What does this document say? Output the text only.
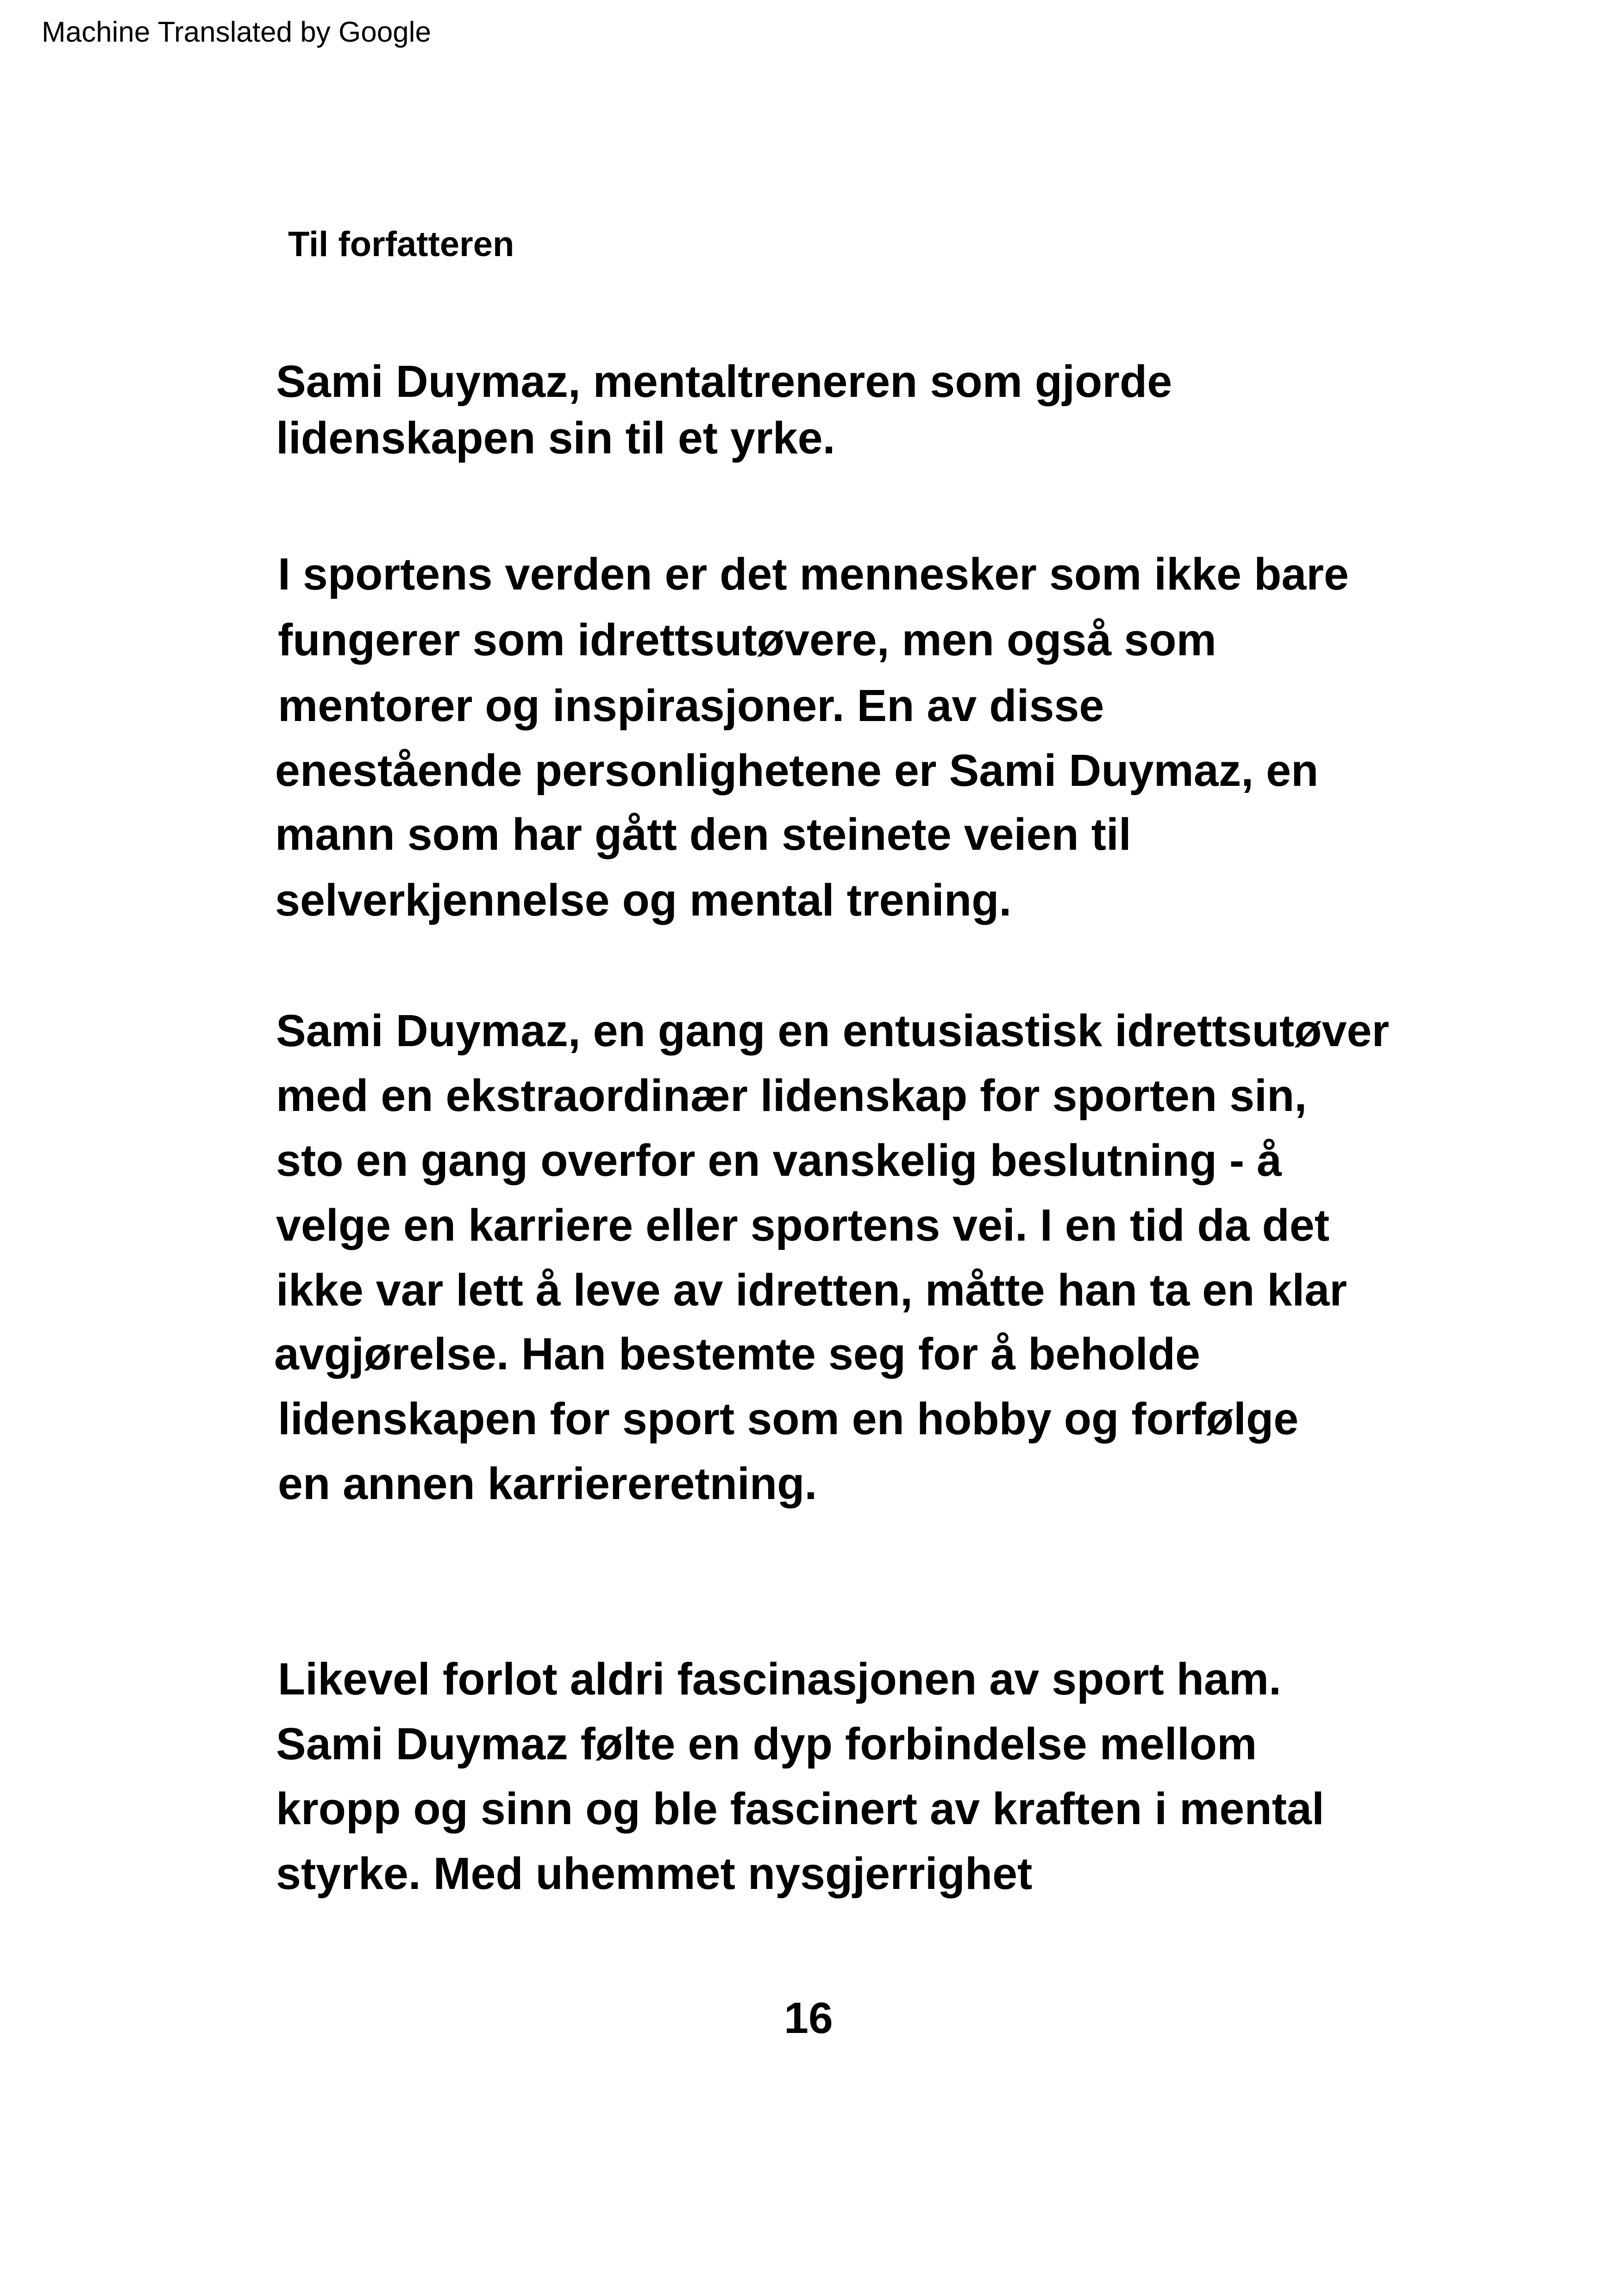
Machine Translated by Google
Til forfatteren
Sami Duymaz, mentaltreneren som gjorde
lidenskapen sin til et yrke.
I sportens verden er det mennesker som ikke bare
fungerer som idrettsutøvere, men også som
mentorer og inspirasjoner. En av disse
enestående personlighetene er Sami Duymaz, en
mann som har gått den steinete veien til
selverkjennelse og mental trening.
Sami Duymaz, en gang en entusiastisk idrettsutøver
med en ekstraordinær lidenskap for sporten sin,
sto en gang overfor en vanskelig beslutning - å
velge en karriere eller sportens vei. I en tid da det
ikke var lett å leve av idretten, måtte han ta en klar
avgjørelse. Han bestemte seg for å beholde
lidenskapen for sport som en hobby og forfølge
en annen karriereretning.
Likevel forlot aldri fascinasjonen av sport ham.
Sami Duymaz følte en dyp forbindelse mellom
kropp og sinn og ble fascinert av kraften i mental
styrke. Med uhemmet nysgjerrighet
16
